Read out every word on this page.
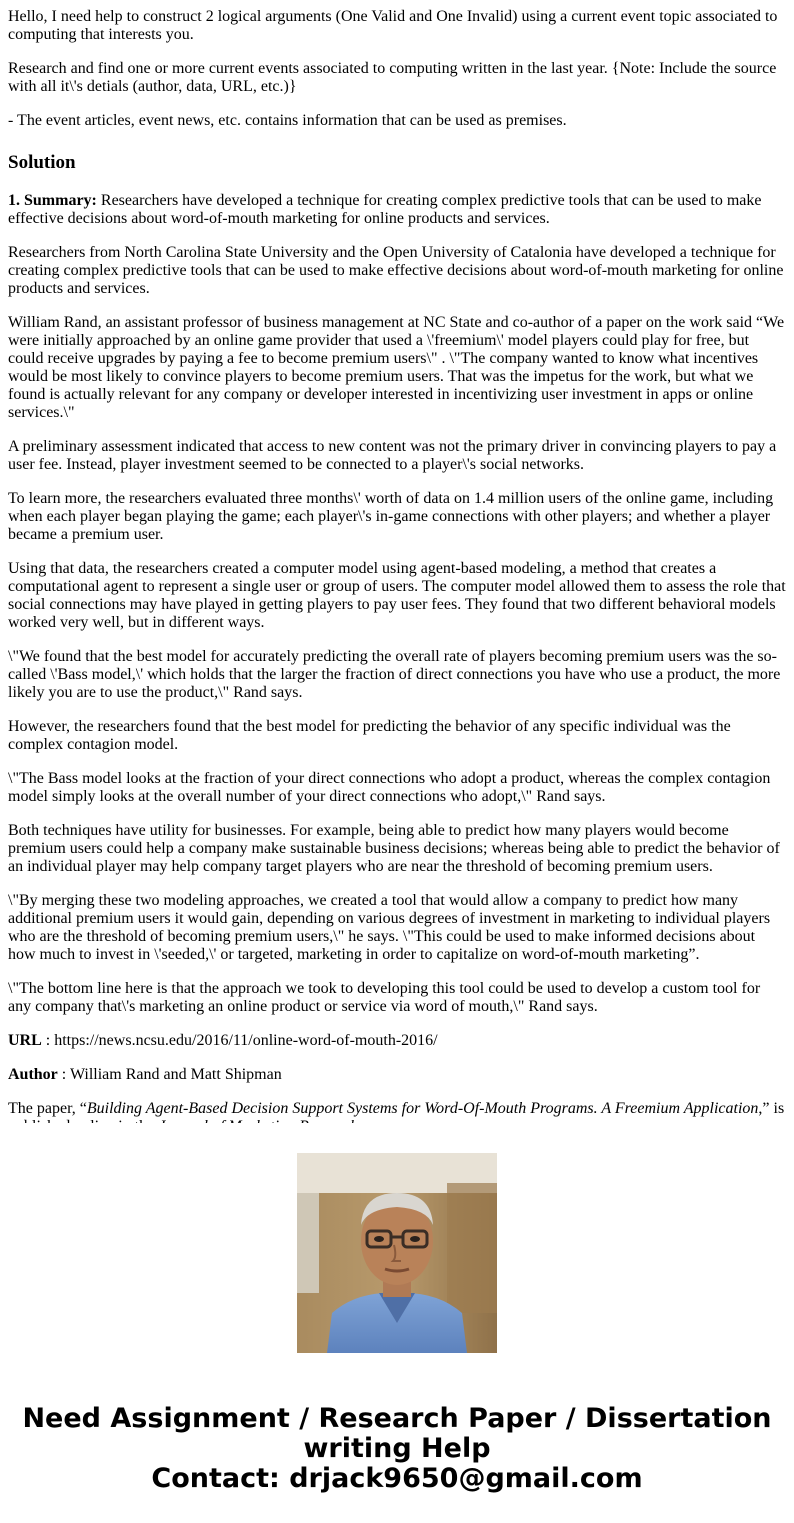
Hello, I need help to construct 2 logical arguments (One Valid and One Invalid) using a current event topic associated to computing that interests you.

Research and find one or more current events associated to computing written in the last year. {Note: Include the source with all it\'s detials (author, data, URL, etc.)}

- The event articles, event news, etc. contains information that can be used as premises.

Solution

1. Summary: Researchers have developed a technique for creating complex predictive tools that can be used to make effective decisions about word-of-mouth marketing for online products and services.

Researchers from North Carolina State University and the Open University of Catalonia have developed a technique for creating complex predictive tools that can be used to make effective decisions about word-of-mouth marketing for online products and services.

William Rand, an assistant professor of business management at NC State and co-author of a paper on the work said “We were initially approached by an online game provider that used a \'freemium\' model players could play for free, but could receive upgrades by paying a fee to become premium users\" . \"The company wanted to know what incentives would be most likely to convince players to become premium users. That was the impetus for the work, but what we found is actually relevant for any company or developer interested in incentivizing user investment in apps or online services.\"

A preliminary assessment indicated that access to new content was not the primary driver in convincing players to pay a user fee. Instead, player investment seemed to be connected to a player\'s social networks.

To learn more, the researchers evaluated three months\' worth of data on 1.4 million users of the online game, including when each player began playing the game; each player\'s in-game connections with other players; and whether a player became a premium user.

Using that data, the researchers created a computer model using agent-based modeling, a method that creates a computational agent to represent a single user or group of users. The computer model allowed them to assess the role that social connections may have played in getting players to pay user fees. They found that two different behavioral models worked very well, but in different ways.

\"We found that the best model for accurately predicting the overall rate of players becoming premium users was the so-called \'Bass model,\' which holds that the larger the fraction of direct connections you have who use a product, the more likely you are to use the product,\" Rand says.

However, the researchers found that the best model for predicting the behavior of any specific individual was the complex contagion model.

\"The Bass model looks at the fraction of your direct connections who adopt a product, whereas the complex contagion model simply looks at the overall number of your direct connections who adopt,\" Rand says.

Both techniques have utility for businesses. For example, being able to predict how many players would become premium users could help a company make sustainable business decisions; whereas being able to predict the behavior of an individual player may help company target players who are near the threshold of becoming premium users.

\"By merging these two modeling approaches, we created a tool that would allow a company to predict how many additional premium users it would gain, depending on various degrees of investment in marketing to individual players who are the threshold of becoming premium users,\" he says. \"This could be used to make informed decisions about how much to invest in \'seeded,\' or targeted, marketing in order to capitalize on word-of-mouth marketing”.

\"The bottom line here is that the approach we took to developing this tool could be used to develop a custom tool for any company that\'s marketing an online product or service via word of mouth,\" Rand says.

URL : https://news.ncsu.edu/2016/11/online-word-of-mouth-2016/

Author : William Rand and Matt Shipman

The paper, “Building Agent-Based Decision Support Systems for Word-Of-Mouth Programs. A Freemium Application,” is

Need Assignment / Research Paper / Dissertation
writing Help
Contact: drjack9650@gmail.com
